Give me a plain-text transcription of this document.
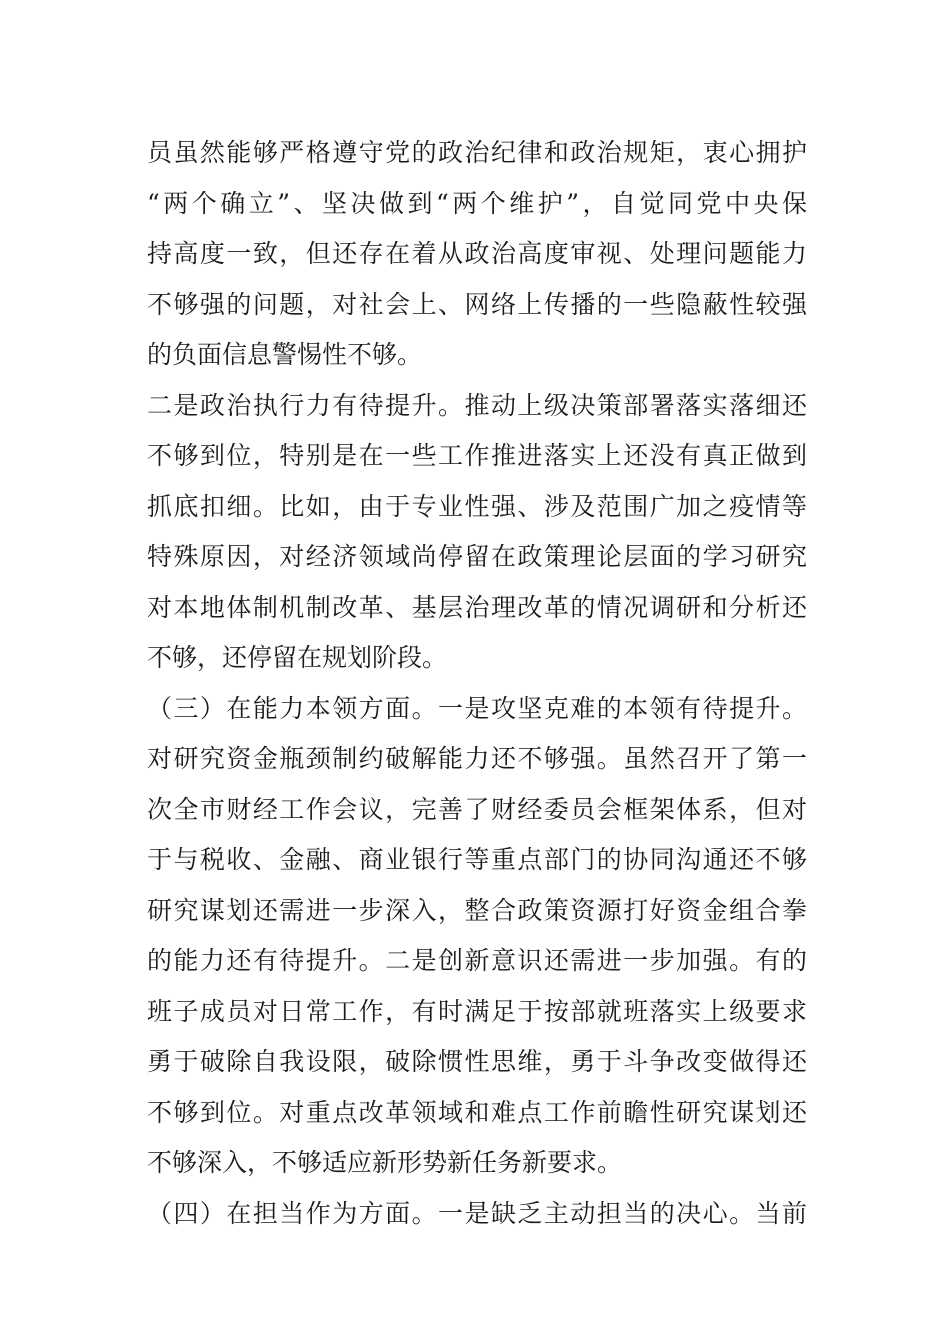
员虽然能够严格遵守党的政治纪律和政治规矩，衷心拥护
“两个确立”、坚决做到“两个维护”，自觉同党中央保
持高度一致，但还存在着从政治高度审视、处理问题能力
不够强的问题，对社会上、网络上传播的一些隐蔽性较强
的负面信息警惕性不够。
二是政治执行力有待提升。推动上级决策部署落实落细还
不够到位，特别是在一些工作推进落实上还没有真正做到
抓底扣细。比如，由于专业性强、涉及范围广加之疫情等
特殊原因，对经济领域尚停留在政策理论层面的学习研究
对本地体制机制改革、基层治理改革的情况调研和分析还
不够，还停留在规划阶段。
（三）在能力本领方面。一是攻坚克难的本领有待提升。
对研究资金瓶颈制约破解能力还不够强。虽然召开了第一
次全市财经工作会议，完善了财经委员会框架体系，但对
于与税收、金融、商业银行等重点部门的协同沟通还不够
研究谋划还需进一步深入，整合政策资源打好资金组合拳
的能力还有待提升。二是创新意识还需进一步加强。有的
班子成员对日常工作，有时满足于按部就班落实上级要求
勇于破除自我设限，破除惯性思维，勇于斗争改变做得还
不够到位。对重点改革领域和难点工作前瞻性研究谋划还
不够深入，不够适应新形势新任务新要求。
（四）在担当作为方面。一是缺乏主动担当的决心。当前
